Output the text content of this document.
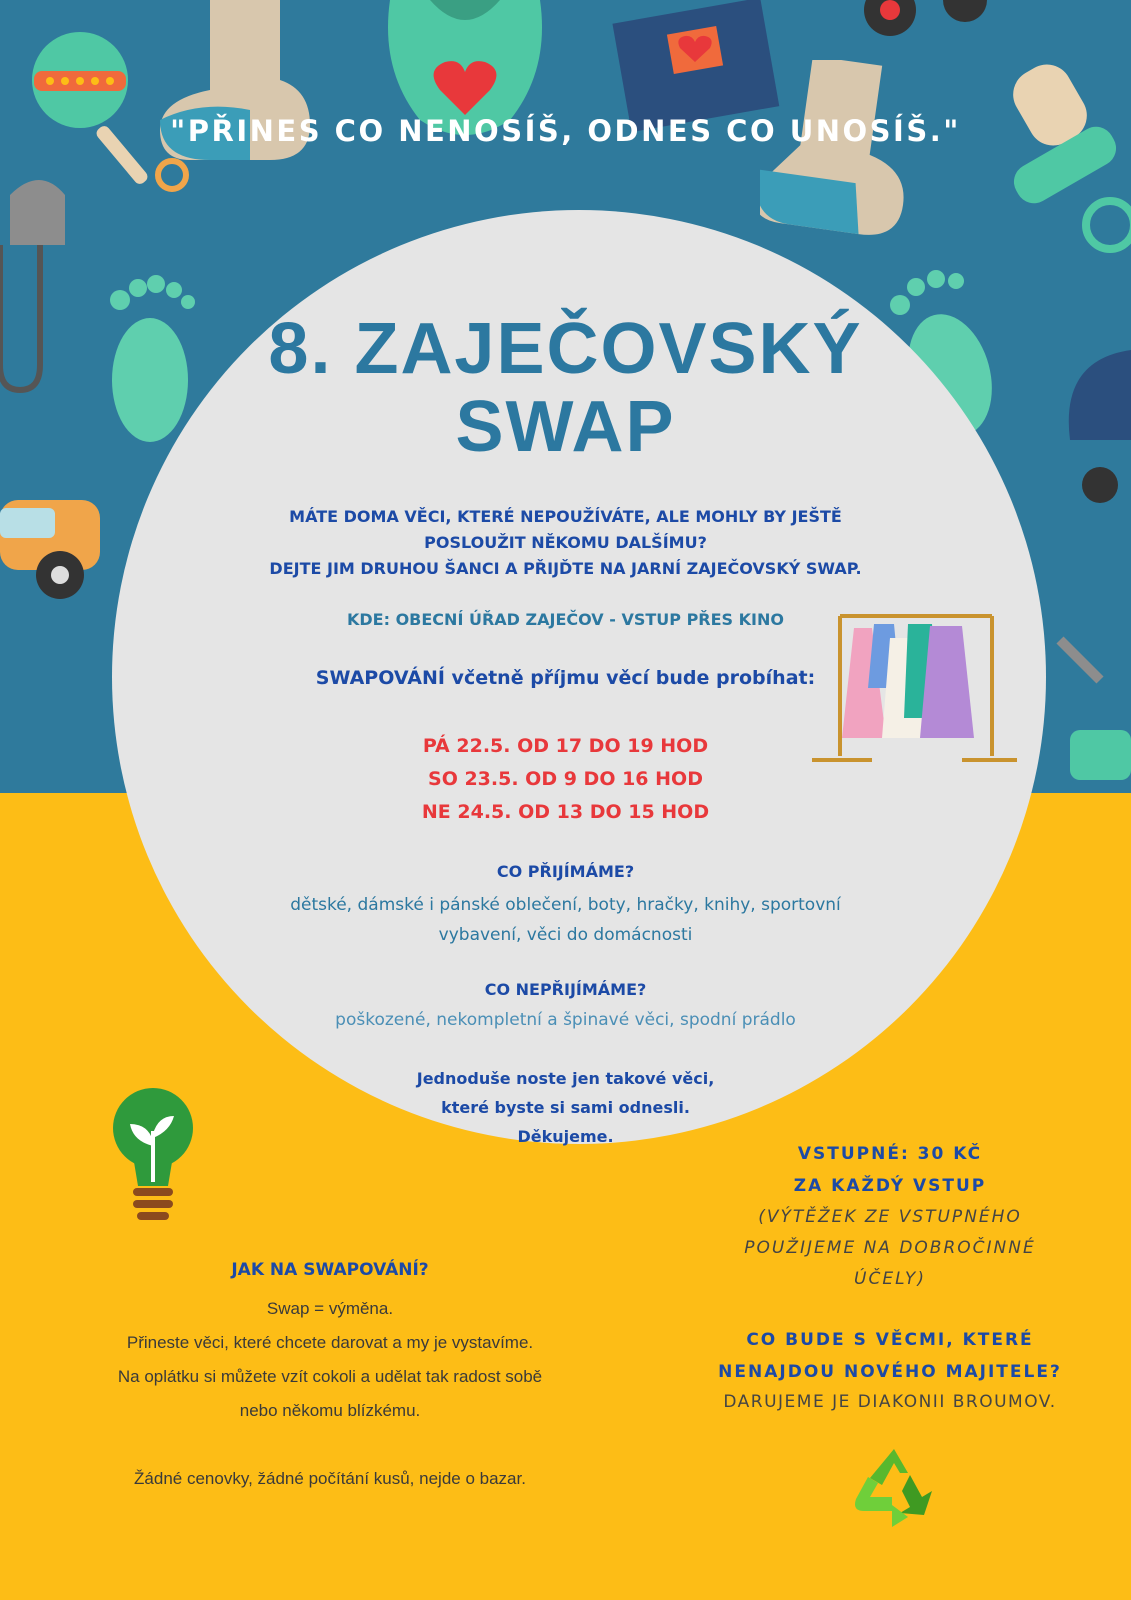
"PŘINES CO NENOSÍŠ, ODNES CO UNOSÍŠ."
8. ZAJEČOVSKÝ
SWAP
MÁTE DOMA VĚCI, KTERÉ NEPOUŽÍVÁTE, ALE MOHLY BY JEŠTĚ
POSLOUŽIT NĚKOMU DALŠÍMU?
DEJTE JIM DRUHOU ŠANCI A PŘIJĎTE NA JARNÍ ZAJEČOVSKÝ SWAP.
KDE: OBECNÍ ÚŘAD ZAJEČOV - VSTUP PŘES KINO
SWAPOVÁNÍ včetně příjmu věcí bude probíhat:
PÁ 22.5. OD 17 DO 19 HOD
SO 23.5. OD 9 DO 16 HOD
NE 24.5. OD 13 DO 15 HOD
CO PŘIJÍMÁME?
dětské, dámské i pánské oblečení, boty, hračky, knihy, sportovní
vybavení, věci do domácnosti
CO NEPŘIJÍMÁME?
poškozené, nekompletní a špinavé věci, spodní prádlo
Jednoduše noste jen takové věci,
které byste si sami odnesli.
Děkujeme.
JAK NA SWAPOVÁNÍ?
Swap = výměna.
Přineste věci, které chcete darovat a my je vystavíme.
Na oplátku si můžete vzít cokoli a udělat tak radost sobě
nebo někomu blízkému.

Žádné cenovky, žádné počítání kusů, nejde o bazar.
VSTUPNÉ: 30 KČ
ZA KAŽDÝ VSTUP
(VÝTĚŽEK ZE VSTUPNÉHO
POUŽIJEME NA DOBROČINNÉ
ÚČELY)
CO BUDE S VĚCMI, KTERÉ
NENAJDOU NOVÉHO MAJITELE?
DARUJEME JE DIAKONII BROUMOV.
